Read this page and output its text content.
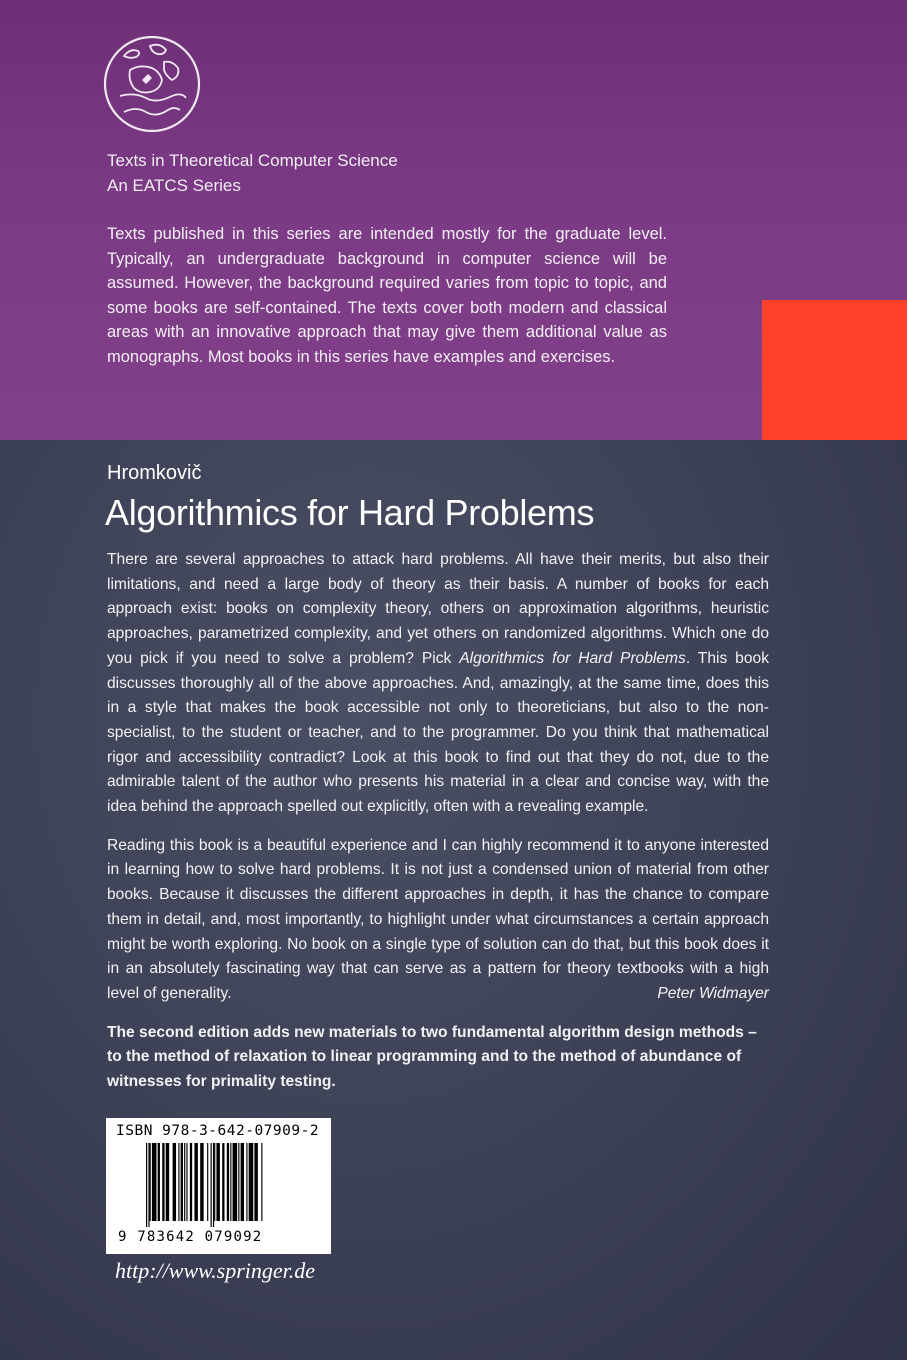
Texts in Theoretical Computer Science
An EATCS Series
Texts published in this series are intended mostly for the graduate level. Typically, an undergraduate background in computer science will be assumed. However, the background required varies from topic to topic, and some books are self-contained. The texts cover both modern and classical areas with an innovative approach that may give them additional value as monographs. Most books in this series have examples and exercises.
Hromkovič
Algorithmics for Hard Problems

There are several approaches to attack hard problems. All have their merits, but also their limitations, and need a large body of theory as their basis. A number of books for each approach exist: books on complexity theory, others on approximation algorithms, heuristic approaches, parametrized complexity, and yet others on randomized algorithms. Which one do you pick if you need to solve a problem? Pick Algorithmics for Hard Problems. This book discusses thoroughly all of the above approaches. And, amazingly, at the same time, does this in a style that makes the book accessible not only to theoreticians, but also to the non-specialist, to the student or teacher, and to the programmer. Do you think that mathematical rigor and accessibility contradict? Look at this book to find out that they do not, due to the admirable talent of the author who presents his material in a clear and concise way, with the idea behind the approach spelled out explicitly, often with a revealing example.

Reading this book is a beautiful experience and I can highly recommend it to anyone interested in learning how to solve hard problems. It is not just a condensed union of material from other books. Because it discusses the different approaches in depth, it has the chance to compare them in detail, and, most importantly, to highlight under what circumstances a certain approach might be worth exploring. No book on a single type of solution can do that, but this book does it in an absolutely fascinating way that can serve as a pattern for theory textbooks with a high level of generality.	Peter Widmayer

The second edition adds new materials to two fundamental algorithm design methods – to the method of relaxation to linear programming and to the method of abundance of witnesses for primality testing.

ISBN 978-3-642-07909-2
9 783642 079092
http://www.springer.de
